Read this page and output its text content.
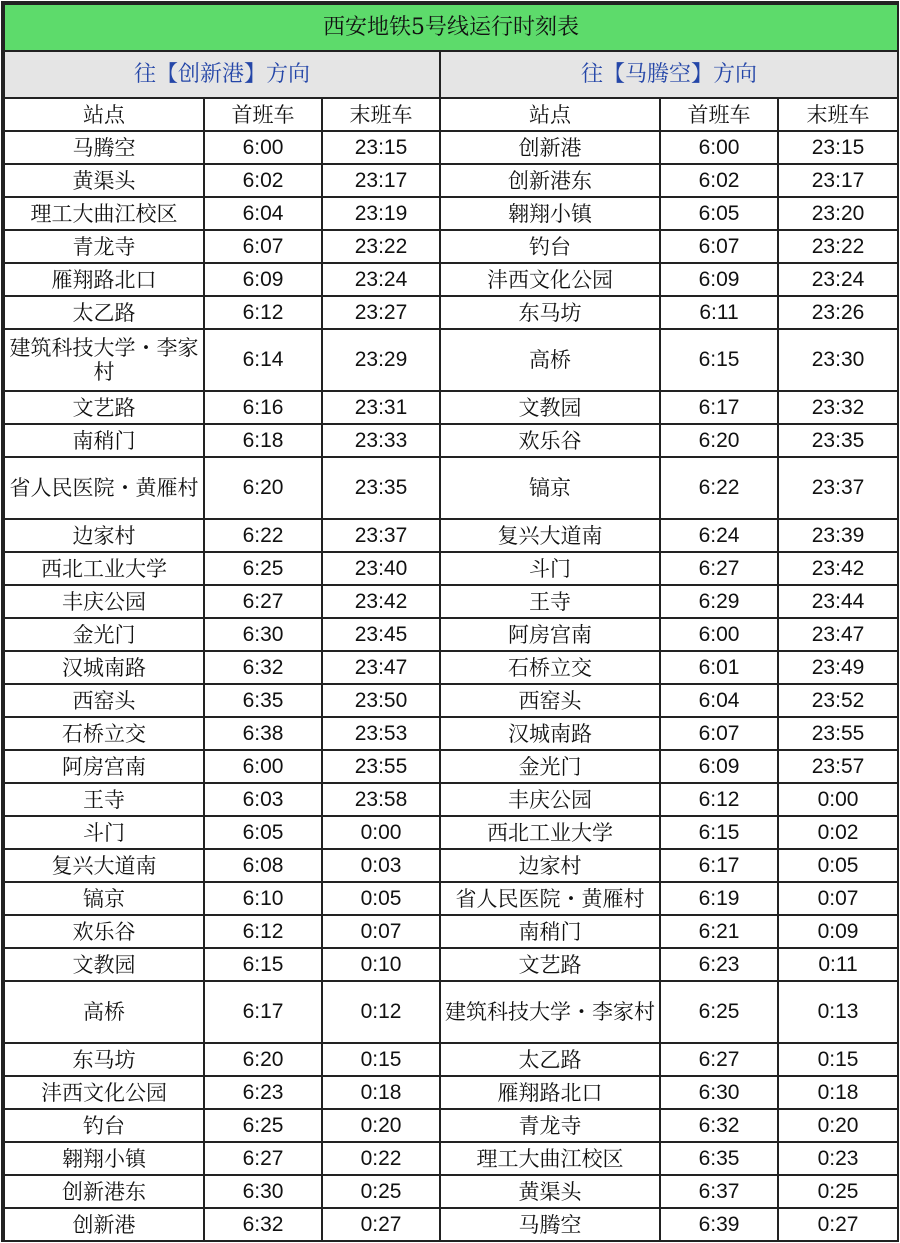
西安地铁5号线运行时刻表					
往【创新港】方向			往【马腾空】方向		
站点	首班车	末班车	站点	首班车	末班车
马腾空	6:00	23:15	创新港	6:00	23:15
黄渠头	6:02	23:17	创新港东	6:02	23:17
理工大曲江校区	6:04	23:19	翱翔小镇	6:05	23:20
青龙寺	6:07	23:22	钓台	6:07	23:22
雁翔路北口	6:09	23:24	沣西文化公园	6:09	23:24
太乙路	6:12	23:27	东马坊	6:11	23:26
建筑科技大学・李家村	6:14	23:29	高桥	6:15	23:30
文艺路	6:16	23:31	文教园	6:17	23:32
南稍门	6:18	23:33	欢乐谷	6:20	23:35
省人民医院・黄雁村	6:20	23:35	镐京	6:22	23:37
边家村	6:22	23:37	复兴大道南	6:24	23:39
西北工业大学	6:25	23:40	斗门	6:27	23:42
丰庆公园	6:27	23:42	王寺	6:29	23:44
金光门	6:30	23:45	阿房宫南	6:00	23:47
汉城南路	6:32	23:47	石桥立交	6:01	23:49
西窑头	6:35	23:50	西窑头	6:04	23:52
石桥立交	6:38	23:53	汉城南路	6:07	23:55
阿房宫南	6:00	23:55	金光门	6:09	23:57
王寺	6:03	23:58	丰庆公园	6:12	0:00
斗门	6:05	0:00	西北工业大学	6:15	0:02
复兴大道南	6:08	0:03	边家村	6:17	0:05
镐京	6:10	0:05	省人民医院・黄雁村	6:19	0:07
欢乐谷	6:12	0:07	南稍门	6:21	0:09
文教园	6:15	0:10	文艺路	6:23	0:11
高桥	6:17	0:12	建筑科技大学・李家村	6:25	0:13
东马坊	6:20	0:15	太乙路	6:27	0:15
沣西文化公园	6:23	0:18	雁翔路北口	6:30	0:18
钓台	6:25	0:20	青龙寺	6:32	0:20
翱翔小镇	6:27	0:22	理工大曲江校区	6:35	0:23
创新港东	6:30	0:25	黄渠头	6:37	0:25
创新港	6:32	0:27	马腾空	6:39	0:27
